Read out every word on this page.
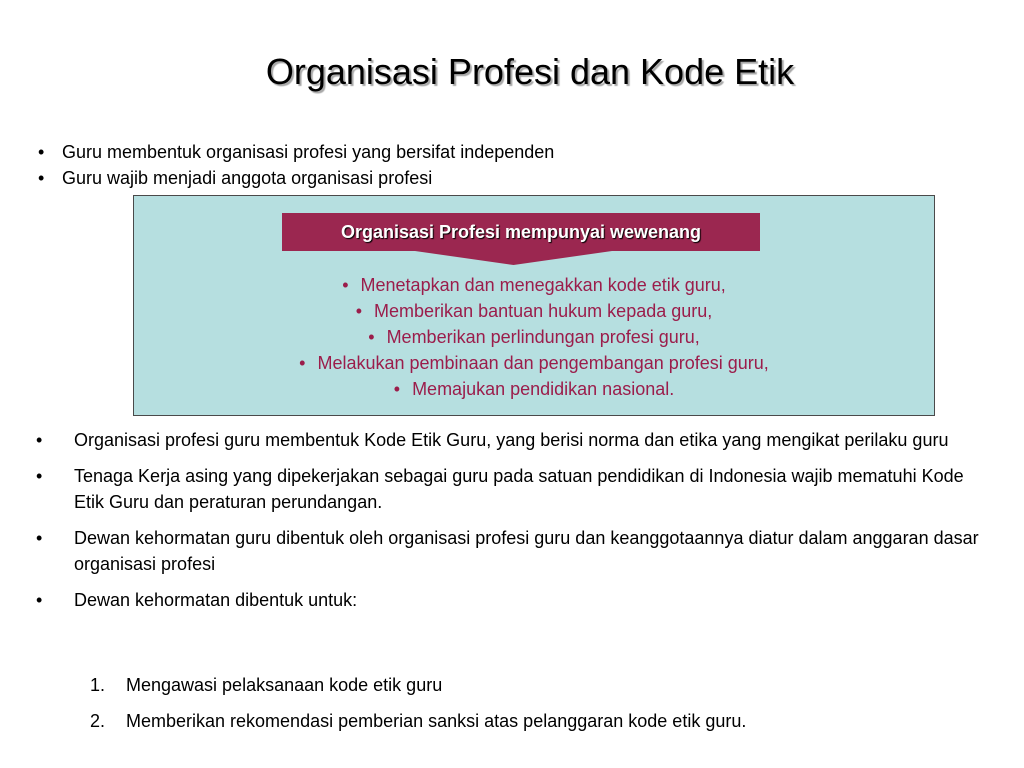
Organisasi Profesi dan Kode Etik
• Guru membentuk organisasi profesi yang bersifat independen
• Guru wajib menjadi anggota organisasi profesi
Organisasi Profesi mempunyai wewenang
• Menetapkan dan menegakkan kode etik guru,
• Memberikan bantuan hukum kepada guru,
• Memberikan perlindungan profesi guru,
• Melakukan pembinaan dan pengembangan profesi guru,
• Memajukan pendidikan nasional.
• Organisasi profesi guru membentuk Kode Etik Guru, yang berisi norma dan etika yang mengikat perilaku guru
• Tenaga Kerja asing yang dipekerjakan sebagai guru pada satuan pendidikan di Indonesia wajib mematuhi Kode Etik Guru dan peraturan perundangan.
• Dewan kehormatan guru dibentuk oleh organisasi profesi guru dan keanggotaannya diatur dalam anggaran dasar organisasi profesi
• Dewan kehormatan dibentuk untuk:
1. Mengawasi pelaksanaan kode etik guru
2. Memberikan rekomendasi pemberian sanksi atas pelanggaran kode etik guru.
